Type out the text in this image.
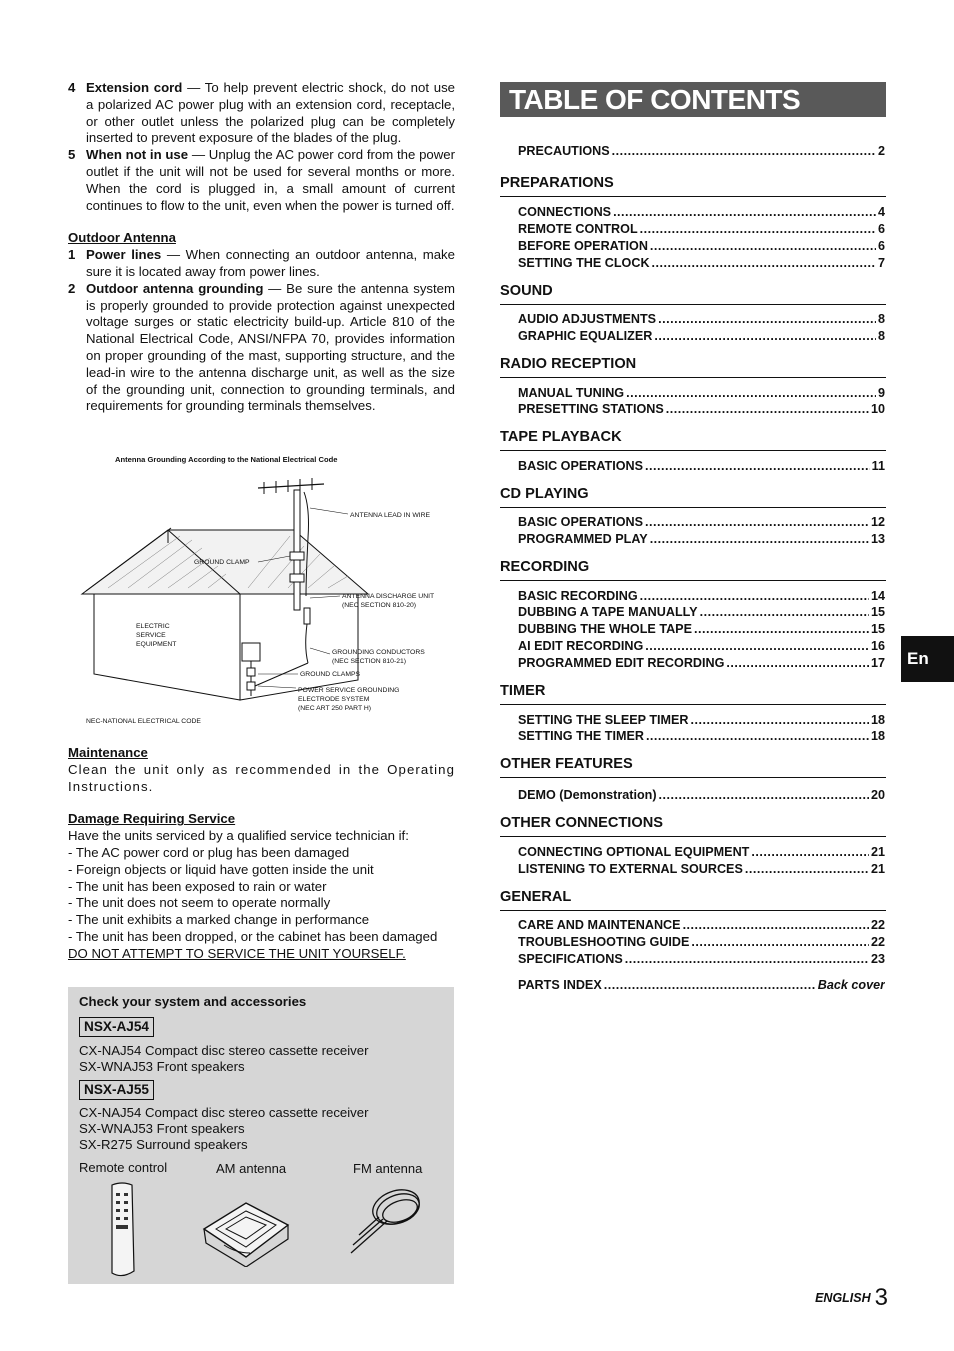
4 Extension cord — To help prevent electric shock, do not use a polarized AC power plug with an extension cord, receptacle, or other outlet unless the polarized plug can be completely inserted to prevent exposure of the blades of the plug.
5 When not in use — Unplug the AC power cord from the power outlet if the unit will not be used for several months or more. When the cord is plugged in, a small amount of current continues to flow to the unit, even when the power is turned off.
Outdoor Antenna
1 Power lines — When connecting an outdoor antenna, make sure it is located away from power lines.
2 Outdoor antenna grounding — Be sure the antenna system is properly grounded to provide protection against unexpected voltage surges or static electricity build-up. Article 810 of the National Electrical Code, ANSI/NFPA 70, provides information on proper grounding of the mast, supporting structure, and the lead-in wire to the antenna discharge unit, as well as the size of the grounding unit, connection to grounding terminals, and requirements for grounding terminals themselves.
Antenna Grounding According to the National Electrical Code
ANTENNA LEAD IN WIRE
GROUND CLAMP
ANTENNA DISCHARGE UNIT
(NEC SECTION 810-20)
ELECTRIC
SERVICE
EQUIPMENT
GROUNDING CONDUCTORS
(NEC SECTION 810-21)
GROUND CLAMPS
POWER SERVICE GROUNDING
ELECTRODE SYSTEM
(NEC ART 250 PART H)
NEC-NATIONAL ELECTRICAL CODE
Maintenance
Clean the unit only as recommended in the Operating Instructions.
Damage Requiring Service
Have the units serviced by a qualified service technician if:
- The AC power cord or plug has been damaged
- Foreign objects or liquid have gotten inside the unit
- The unit has been exposed to rain or water
- The unit does not seem to operate normally
- The unit exhibits a marked change in performance
- The unit has been dropped, or the cabinet has been damaged
DO NOT ATTEMPT TO SERVICE THE UNIT YOURSELF.
Check your system and accessories
NSX-AJ54
CX-NAJ54 Compact disc stereo cassette receiver
SX-WNAJ53 Front speakers
NSX-AJ55
CX-NAJ54 Compact disc stereo cassette receiver
SX-WNAJ53 Front speakers
SX-R275 Surround speakers
Remote control	AM antenna	FM antenna
TABLE OF CONTENTS
PRECAUTIONS .....	2
PREPARATIONS
CONNECTIONS .....	4
REMOTE CONTROL .....	6
BEFORE OPERATION .....	6
SETTING THE CLOCK .....	7
SOUND
AUDIO ADJUSTMENTS .....	8
GRAPHIC EQUALIZER .....	8
RADIO RECEPTION
MANUAL TUNING .....	9
PRESETTING STATIONS .....	10
TAPE PLAYBACK
BASIC OPERATIONS .....	11
CD PLAYING
BASIC OPERATIONS .....	12
PROGRAMMED PLAY .....	13
RECORDING
BASIC RECORDING .....	14
DUBBING A TAPE MANUALLY .....	15
DUBBING THE WHOLE TAPE .....	15
AI EDIT RECORDING .....	16
PROGRAMMED EDIT RECORDING .....	17
TIMER
SETTING THE SLEEP TIMER .....	18
SETTING THE TIMER .....	18
OTHER FEATURES
DEMO (Demonstration) .....	20
OTHER CONNECTIONS
CONNECTING OPTIONAL EQUIPMENT .....	21
LISTENING TO EXTERNAL SOURCES .....	21
GENERAL
CARE AND MAINTENANCE .....	22
TROUBLESHOOTING GUIDE .....	22
SPECIFICATIONS .....	23
PARTS INDEX .....	Back cover
En
ENGLISH 3
